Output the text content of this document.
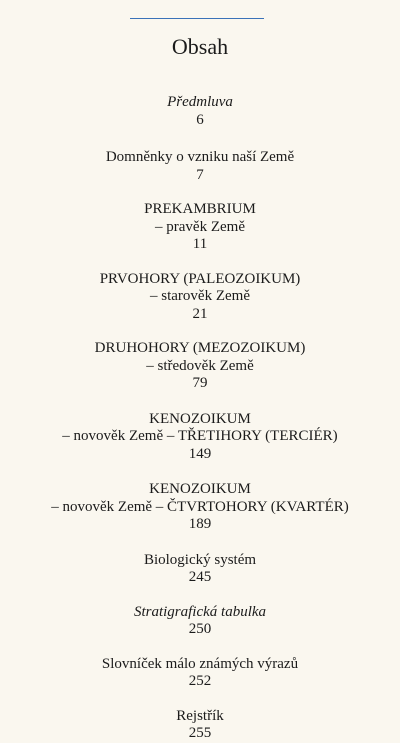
Obsah
Předmluva
6
Domněnky o vzniku naší Země
7
PREKAMBRIUM
– pravěk Země
11
PRVOHORY (PALEOZOIKUM)
– starověk Země
21
DRUHOHORY (MEZOZOIKUM)
– středověk Země
79
KENOZOIKUM
– novověk Země – TŘETIHORY (TERCIÉR)
149
KENOZOIKUM
– novověk Země – ČTVRTOHORY (KVARTÉR)
189
Biologický systém
245
Stratigrafická tabulka
250
Slovníček málo známých výrazů
252
Rejstřík
255
